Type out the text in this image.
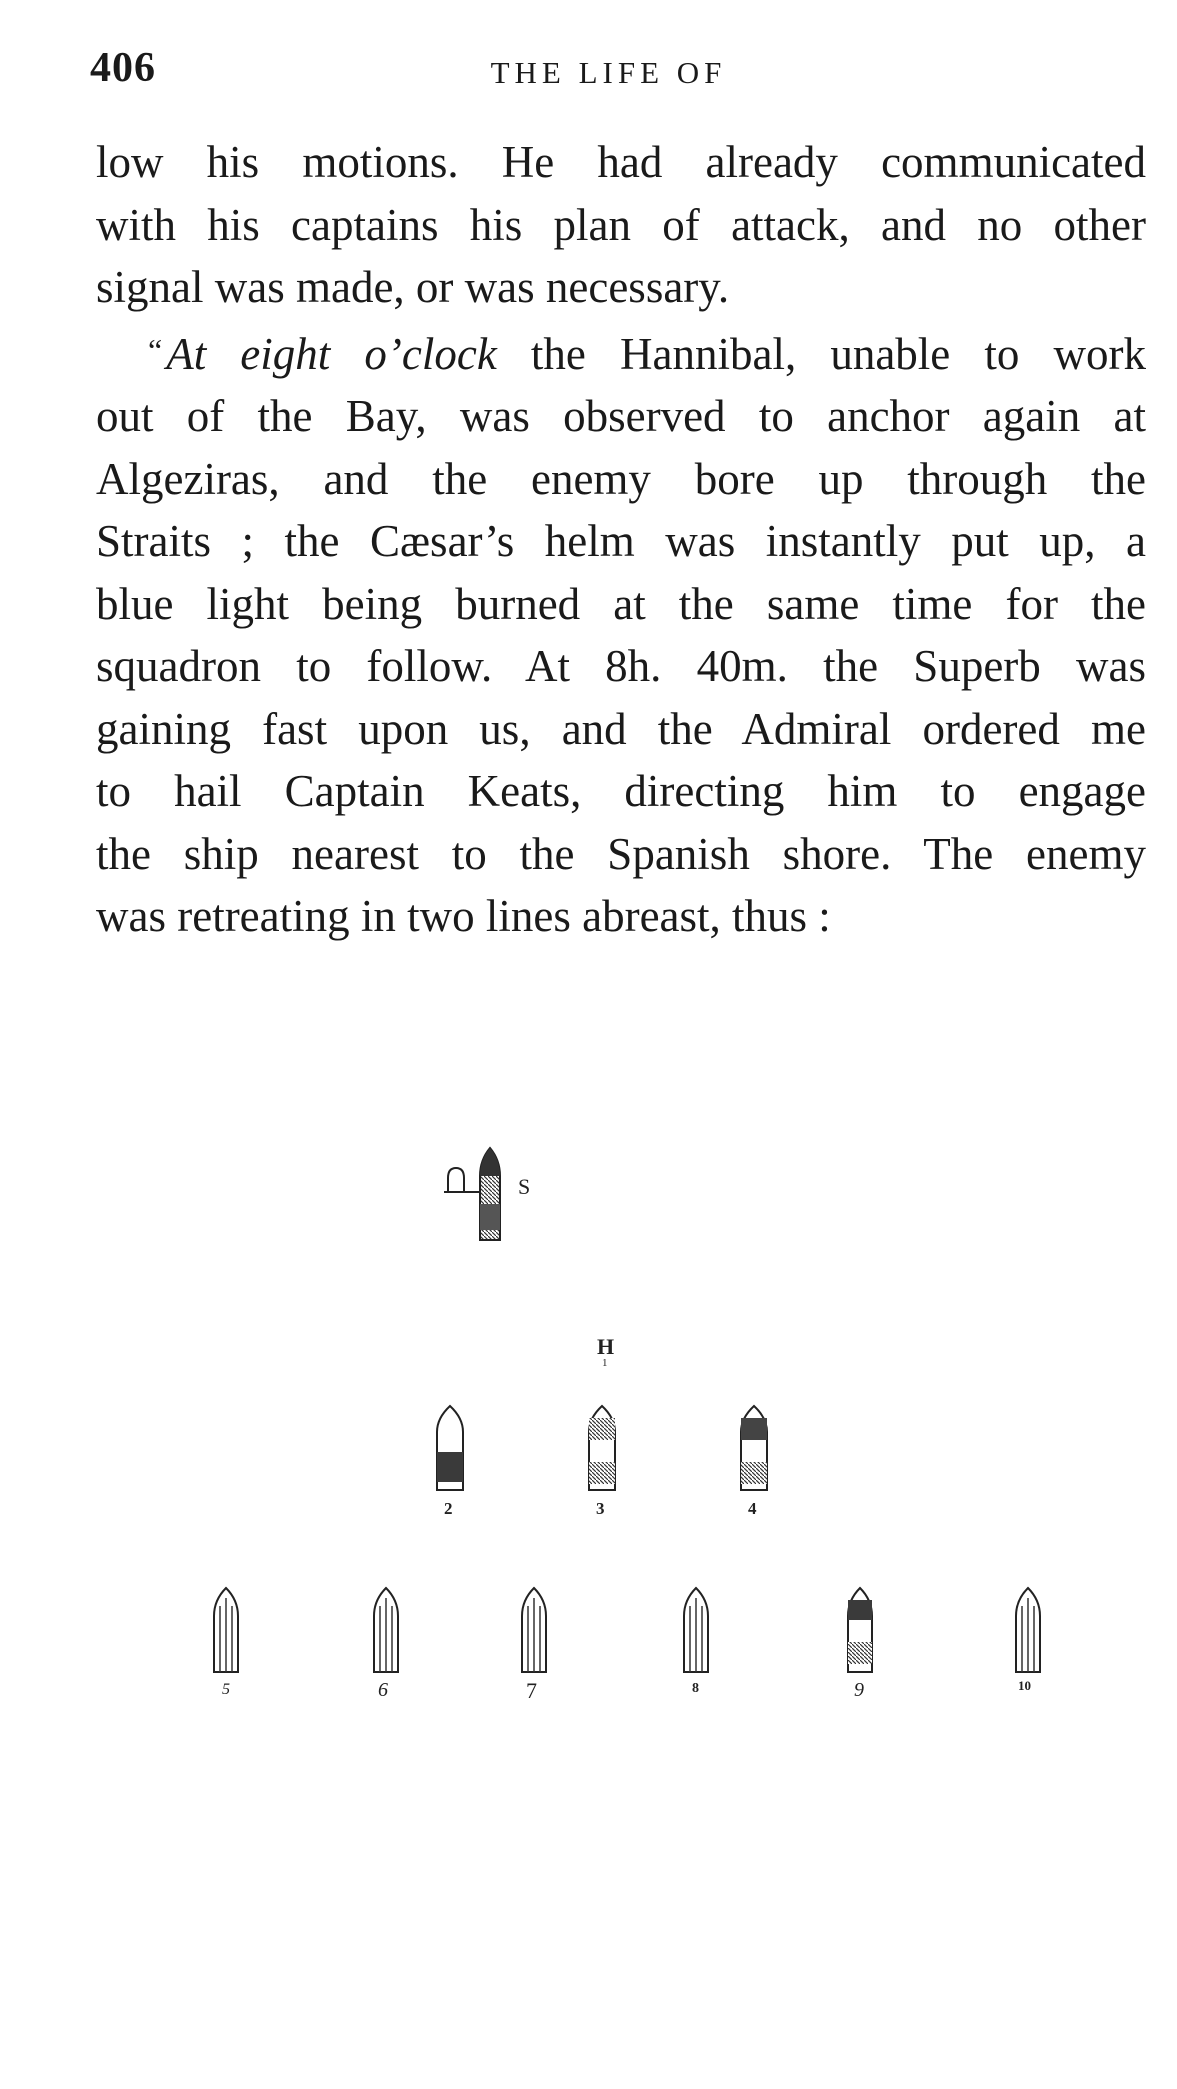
406	THE LIFE OF
low his motions. He had already communicated
with his captains his plan of attack, and no other
signal was made, or was necessary.
“At eight o’clock the Hannibal, unable to work
out of the Bay, was observed to anchor again at
Algeziras, and the enemy bore up through the
Straits ; the Cæsar’s helm was instantly put up, a
blue light being burned at the same time for the
squadron to follow. At 8h. 40m. the Superb was
gaining fast upon us, and the Admiral ordered me
to hail Captain Keats, directing him to engage
the ship nearest to the Spanish shore. The enemy
was retreating in two lines abreast, thus :
S
H
1
2	3	4
5	6	7	8	9	10
